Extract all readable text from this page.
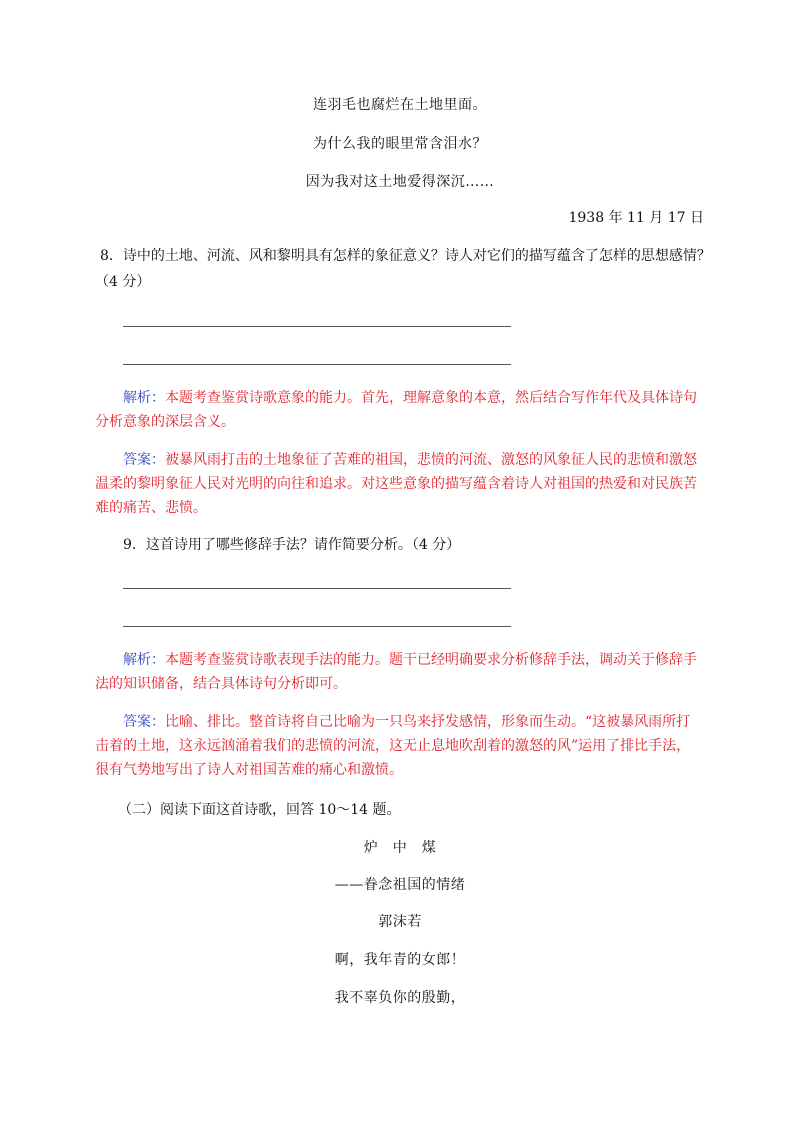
连羽毛也腐烂在土地里面。
为什么我的眼里常含泪水？
因为我对这土地爱得深沉……
1938 年 11 月 17 日
8．诗中的土地、河流、风和黎明具有怎样的象征意义？诗人对它们的描写蕴含了怎样的思想感情？
（4 分）
解析：本题考查鉴赏诗歌意象的能力。首先，理解意象的本意，然后结合写作年代及具体诗句
分析意象的深层含义。
答案：被暴风雨打击的土地象征了苦难的祖国，悲愤的河流、激怒的风象征人民的悲愤和激怒
温柔的黎明象征人民对光明的向往和追求。对这些意象的描写蕴含着诗人对祖国的热爱和对民族苦
难的痛苦、悲愤。
9．这首诗用了哪些修辞手法？请作简要分析。（4 分）
解析：本题考查鉴赏诗歌表现手法的能力。题干已经明确要求分析修辞手法，调动关于修辞手
法的知识储备，结合具体诗句分析即可。
答案：比喻、排比。整首诗将自己比喻为一只鸟来抒发感情，形象而生动。“这被暴风雨所打
击着的土地，这永远汹涌着我们的悲愤的河流，这无止息地吹刮着的激怒的风”运用了排比手法，
很有气势地写出了诗人对祖国苦难的痛心和激愤。
（二）阅读下面这首诗歌，回答 10～14 题。
炉　中　煤
——眷念祖国的情绪
郭沫若
啊，我年青的女郎！
我不辜负你的殷勤，
